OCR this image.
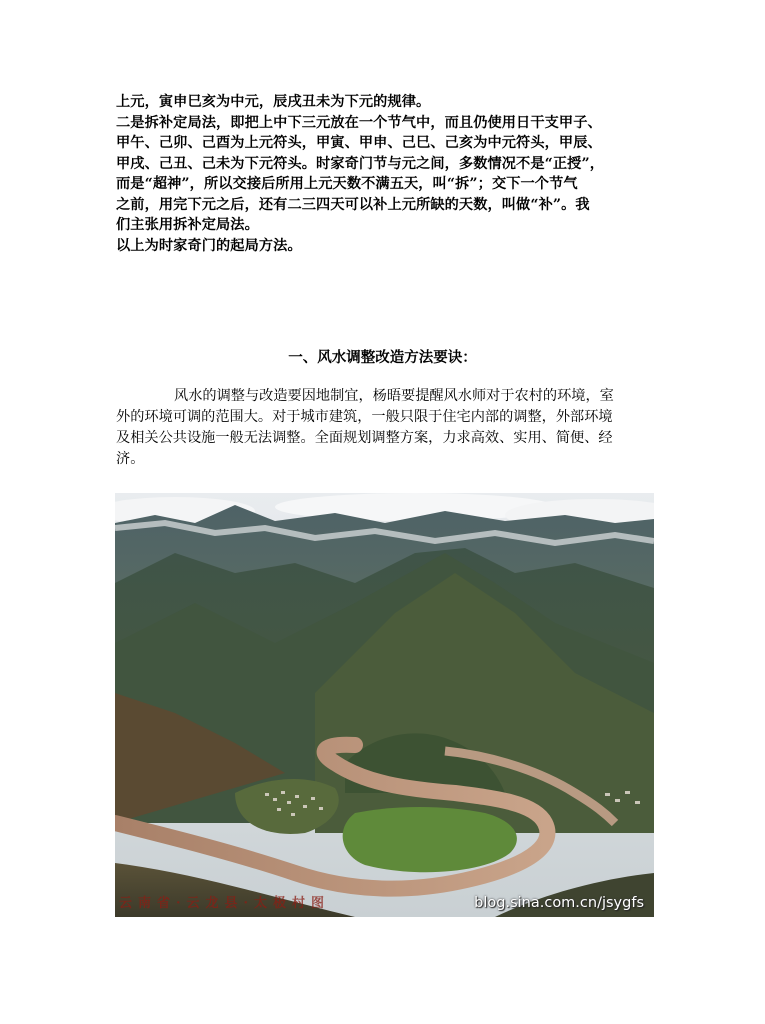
上元，寅申巳亥为中元，辰戌丑未为下元的规律。
二是拆补定局法，即把上中下三元放在一个节气中，而且仍使用日干支甲子、
甲午、己卯、己酉为上元符头，甲寅、甲申、己巳、己亥为中元符头，甲辰、
甲戌、己丑、己未为下元符头。时家奇门节与元之间，多数情况不是“正授”，
而是“超神”，所以交接后所用上元天数不满五天，叫“拆”；交下一个节气
之前，用完下元之后，还有二三四天可以补上元所缺的天数，叫做“补”。我
们主张用拆补定局法。
以上为时家奇门的起局方法。
一、风水调整改造方法要诀：
风水的调整与改造要因地制宜，杨晤要提醒风水师对于农村的环境，室
外的环境可调的范围大。对于城市建筑，一般只限于住宅内部的调整，外部环境
及相关公共设施一般无法调整。全面规划调整方案，力求高效、实用、简便、经
济。
云南省·云龙县·太极村图	blog.sina.com.cn/jsygfs
